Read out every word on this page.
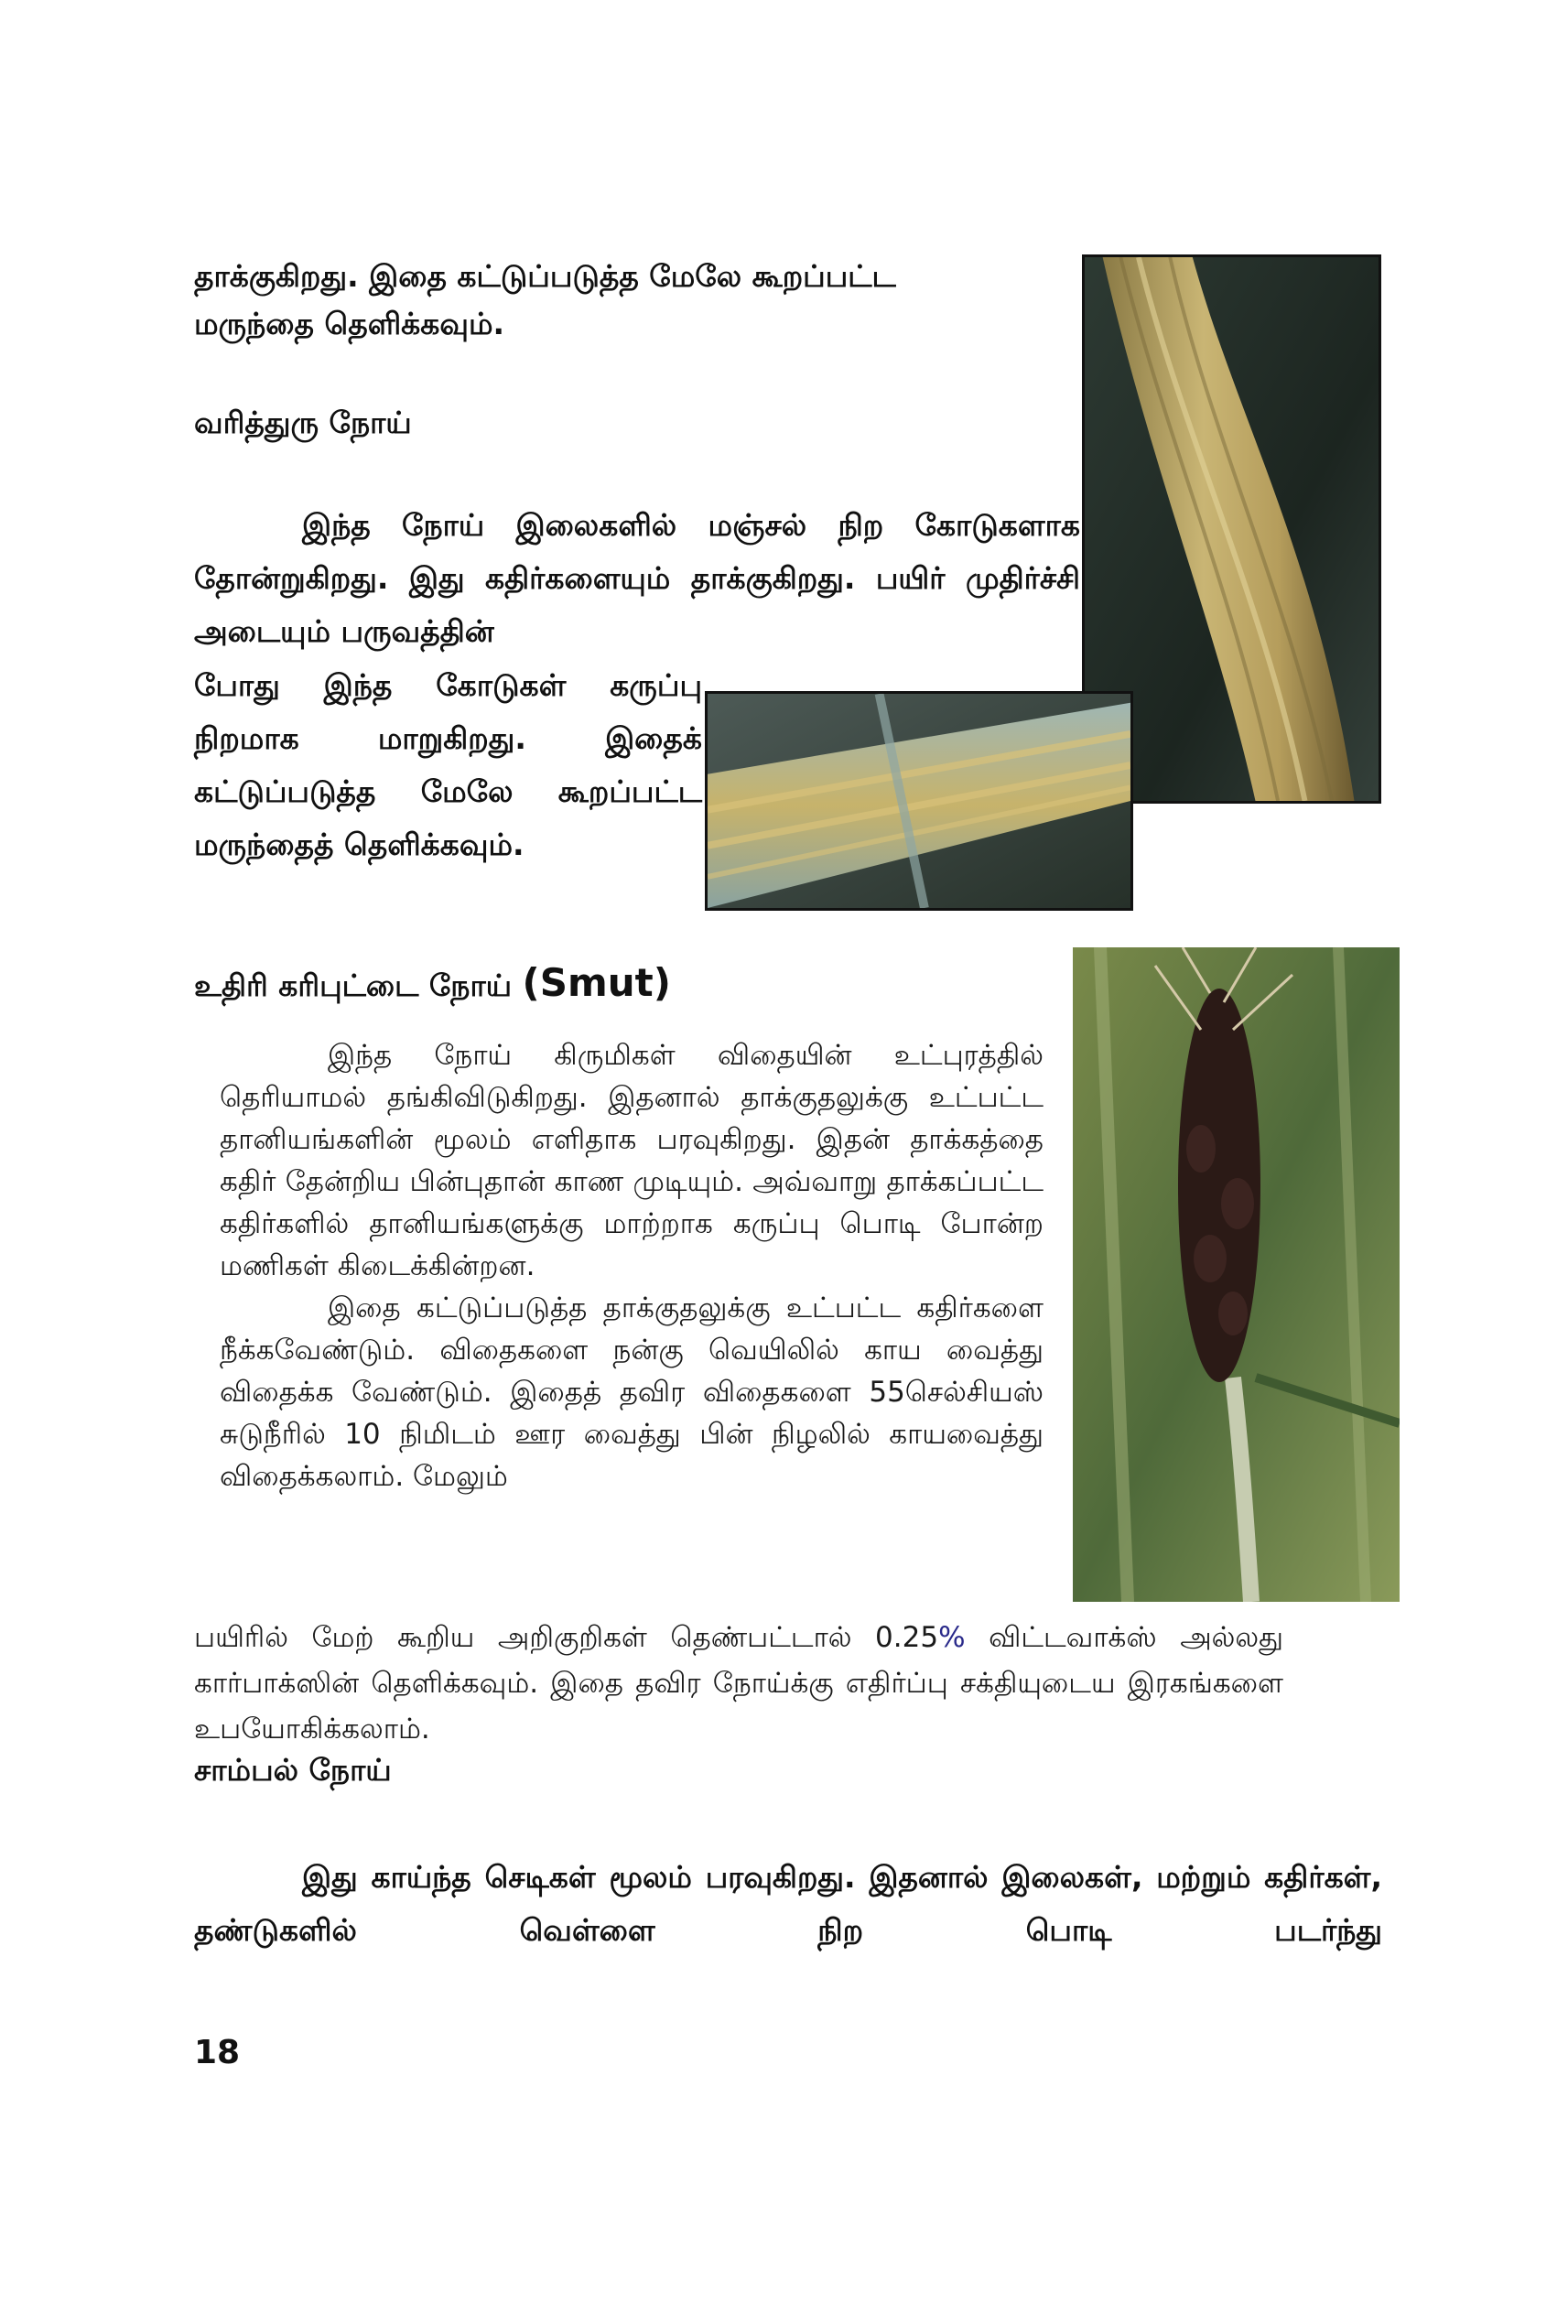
தாக்குகிறது. இதை கட்டுப்படுத்த மேலே கூறப்பட்ட

மருந்தை தெளிக்கவும்.

வரித்துரு நோய்

இந்த நோய் இலைகளில் மஞ்சல் நிற கோடுகளாக தோன்றுகிறது. இது கதிர்களையும் தாக்குகிறது. பயிர் முதிர்ச்சி அடையும் பருவத்தின்

போது இந்த கோடுகள் கருப்பு நிறமாக மாறுகிறது. இதைக் கட்டுப்படுத்த மேலே கூறப்பட்ட மருந்தைத் தெளிக்கவும்.

உதிரி கரிபுட்டை நோய் (Smut)

இந்த நோய் கிருமிகள் விதையின் உட்புரத்தில் தெரியாமல் தங்கிவிடுகிறது. இதனால் தாக்குதலுக்கு உட்பட்ட தானியங்களின் மூலம் எளிதாக பரவுகிறது. இதன் தாக்கத்தை கதிர் தேன்றிய பின்புதான் காண முடியும். அவ்வாறு தாக்கப்பட்ட கதிர்களில் தானியங்களுக்கு மாற்றாக கருப்பு பொடி போன்ற மணிகள் கிடைக்கின்றன.

இதை கட்டுப்படுத்த தாக்குதலுக்கு உட்பட்ட கதிர்களை நீக்கவேண்டும். விதைகளை நன்கு வெயிலில் காய வைத்து விதைக்க வேண்டும். இதைத் தவிர விதைகளை 55செல்சியஸ் சுடுநீரில் 10 நிமிடம் ஊர வைத்து பின் நிழலில் காயவைத்து விதைக்கலாம். மேலும்

பயிரில் மேற் கூறிய அறிகுறிகள் தெண்பட்டால் 0.25% விட்டவாக்ஸ் அல்லது கார்பாக்ஸின் தெளிக்கவும். இதை தவிர நோய்க்கு எதிர்ப்பு சக்தியுடைய இரகங்களை உபயோகிக்கலாம்.

சாம்பல் நோய்

இது காய்ந்த செடிகள் மூலம் பரவுகிறது. இதனால் இலைகள், மற்றும் கதிர்கள், தண்டுகளில் வெள்ளை நிற பொடி படர்ந்து

18
